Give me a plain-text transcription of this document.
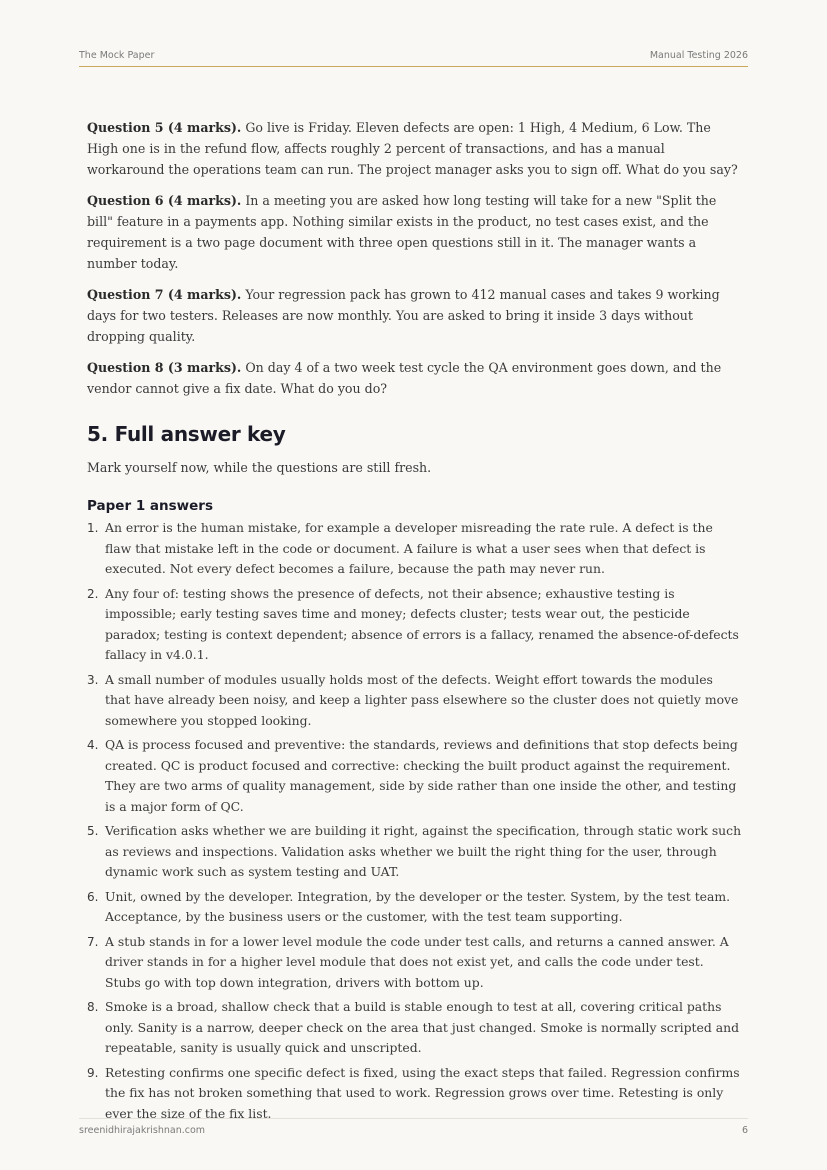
The Mock Paper	Manual Testing 2026

Question 5 (4 marks). Go live is Friday. Eleven defects are open: 1 High, 4 Medium, 6 Low. The High one is in the refund flow, affects roughly 2 percent of transactions, and has a manual workaround the operations team can run. The project manager asks you to sign off. What do you say?

Question 6 (4 marks). In a meeting you are asked how long testing will take for a new "Split the bill" feature in a payments app. Nothing similar exists in the product, no test cases exist, and the requirement is a two page document with three open questions still in it. The manager wants a number today.

Question 7 (4 marks). Your regression pack has grown to 412 manual cases and takes 9 working days for two testers. Releases are now monthly. You are asked to bring it inside 3 days without dropping quality.

Question 8 (3 marks). On day 4 of a two week test cycle the QA environment goes down, and the vendor cannot give a fix date. What do you do?

5. Full answer key

Mark yourself now, while the questions are still fresh.

Paper 1 answers
1. An error is the human mistake, for example a developer misreading the rate rule. A defect is the flaw that mistake left in the code or document. A failure is what a user sees when that defect is executed. Not every defect becomes a failure, because the path may never run.
2. Any four of: testing shows the presence of defects, not their absence; exhaustive testing is impossible; early testing saves time and money; defects cluster; tests wear out, the pesticide paradox; testing is context dependent; absence of errors is a fallacy, renamed the absence-of-defects fallacy in v4.0.1.
3. A small number of modules usually holds most of the defects. Weight effort towards the modules that have already been noisy, and keep a lighter pass elsewhere so the cluster does not quietly move somewhere you stopped looking.
4. QA is process focused and preventive: the standards, reviews and definitions that stop defects being created. QC is product focused and corrective: checking the built product against the requirement. They are two arms of quality management, side by side rather than one inside the other, and testing is a major form of QC.
5. Verification asks whether we are building it right, against the specification, through static work such as reviews and inspections. Validation asks whether we built the right thing for the user, through dynamic work such as system testing and UAT.
6. Unit, owned by the developer. Integration, by the developer or the tester. System, by the test team. Acceptance, by the business users or the customer, with the test team supporting.
7. A stub stands in for a lower level module the code under test calls, and returns a canned answer. A driver stands in for a higher level module that does not exist yet, and calls the code under test. Stubs go with top down integration, drivers with bottom up.
8. Smoke is a broad, shallow check that a build is stable enough to test at all, covering critical paths only. Sanity is a narrow, deeper check on the area that just changed. Smoke is normally scripted and repeatable, sanity is usually quick and unscripted.
9. Retesting confirms one specific defect is fixed, using the exact steps that failed. Regression confirms the fix has not broken something that used to work. Regression grows over time. Retesting is only ever the size of the fix list.
sreenidhirajakrishnan.com	6
